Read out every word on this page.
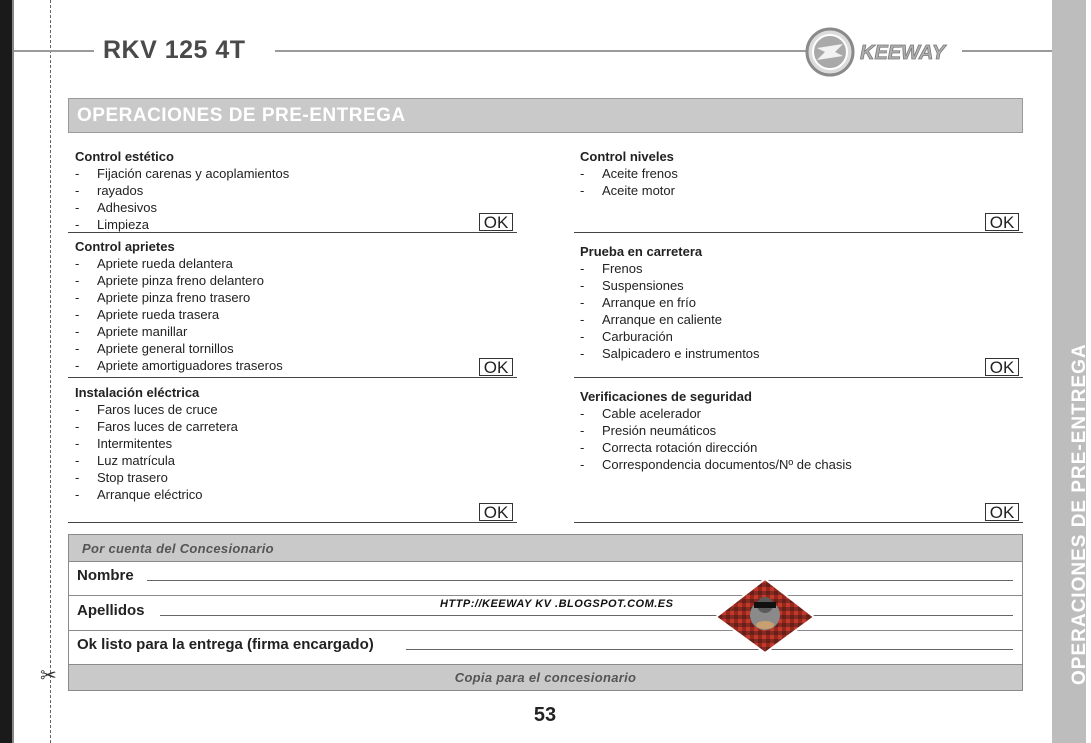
✂
RKV 125 4T	KEEWAY
OPERACIONES DE PRE-ENTREGA
OPERACIONES DE PRE-ENTREGA
Control estético
-	Fijación carenas y acoplamientos
-	rayados
-	Adhesivos
-	Limpieza	OK
Control aprietes
-	Apriete rueda delantera
-	Apriete pinza freno delantero
-	Apriete pinza freno trasero
-	Apriete rueda trasera
-	Apriete manillar
-	Apriete general tornillos
-	Apriete amortiguadores traseros	OK
Instalación eléctrica
-	Faros luces de cruce
-	Faros luces de carretera
-	Intermitentes
-	Luz matrícula
-	Stop trasero
-	Arranque eléctrico
OK
Control niveles
-	Aceite frenos
-	Aceite motor
OK
Prueba en carretera
-	Frenos
-	Suspensiones
-	Arranque en frío
-	Arranque en caliente
-	Carburación
-	Salpicadero e instrumentos
OK
Verificaciones de seguridad
-	Cable acelerador
-	Presión neumáticos
-	Correcta rotación dirección
-	Correspondencia documentos/Nº de chasis
OK
Por cuenta del Concesionario
Nombre
Apellidos
Ok listo para la entrega (firma encargado)
Copia para el concesionario
HTTP://KEEWAY KV .BLOGSPOT.COM.ES
53
